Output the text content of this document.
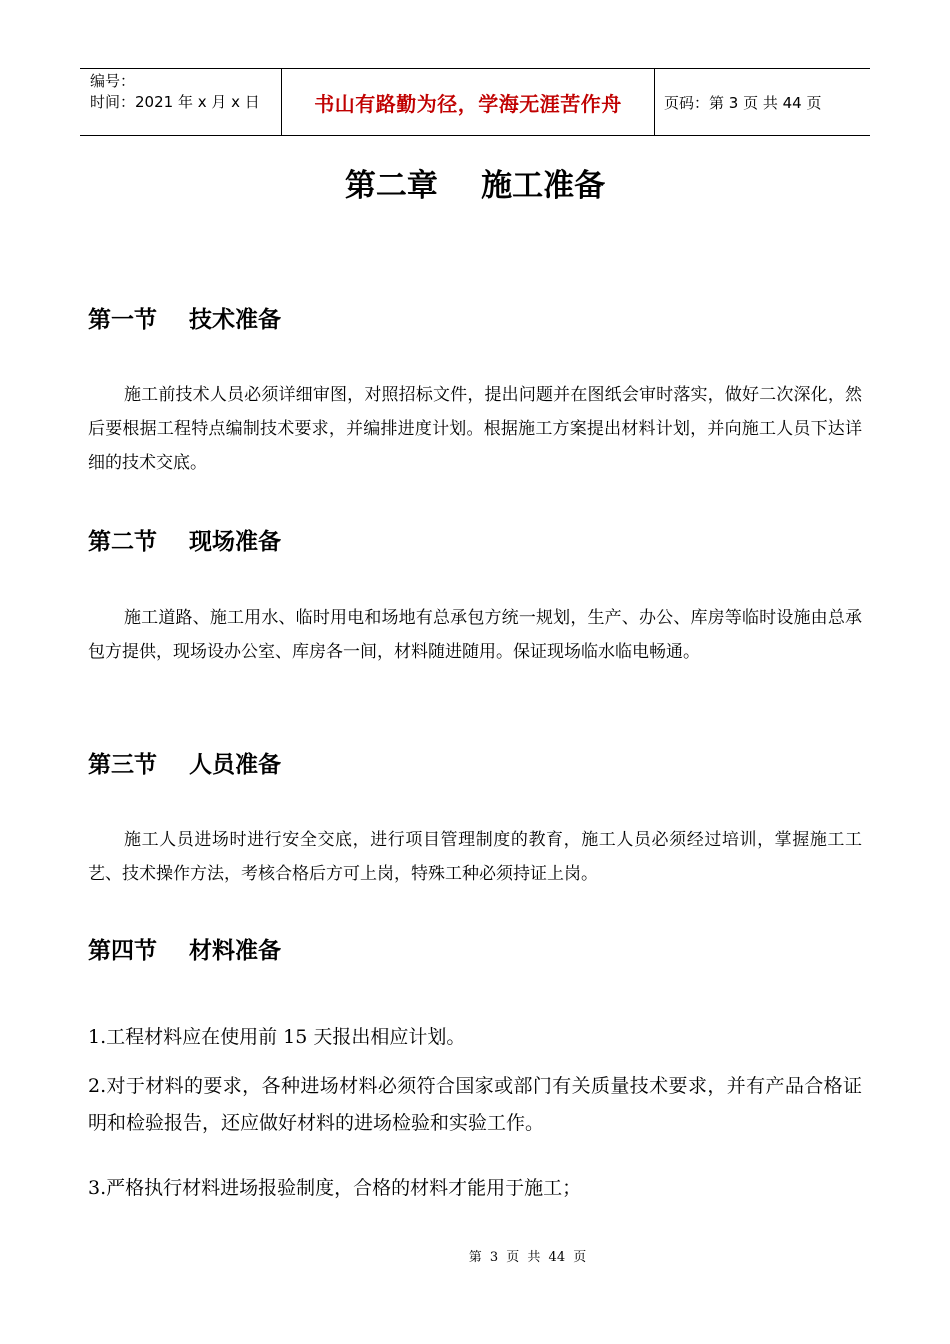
编号：
时间：2021 年 x 月 x 日	书山有路勤为径，学海无涯苦作舟	页码：第 3 页 共 44 页
第二章    施工准备
第一节    技术准备
施工前技术人员必须详细审图，对照招标文件，提出问题并在图纸会审时落实，做好二次深化，然后要根据工程特点编制技术要求，并编排进度计划。根据施工方案提出材料计划，并向施工人员下达详细的技术交底。
第二节    现场准备
施工道路、施工用水、临时用电和场地有总承包方统一规划，生产、办公、库房等临时设施由总承包方提供，现场设办公室、库房各一间，材料随进随用。保证现场临水临电畅通。
第三节    人员准备
施工人员进场时进行安全交底，进行项目管理制度的教育，施工人员必须经过培训，掌握施工工艺、技术操作方法，考核合格后方可上岗，特殊工种必须持证上岗。
第四节    材料准备
1.工程材料应在使用前 15 天报出相应计划。
2.对于材料的要求，各种进场材料必须符合国家或部门有关质量技术要求，并有产品合格证明和检验报告，还应做好材料的进场检验和实验工作。
3.严格执行材料进场报验制度，合格的材料才能用于施工；
第 3 页 共 44 页
